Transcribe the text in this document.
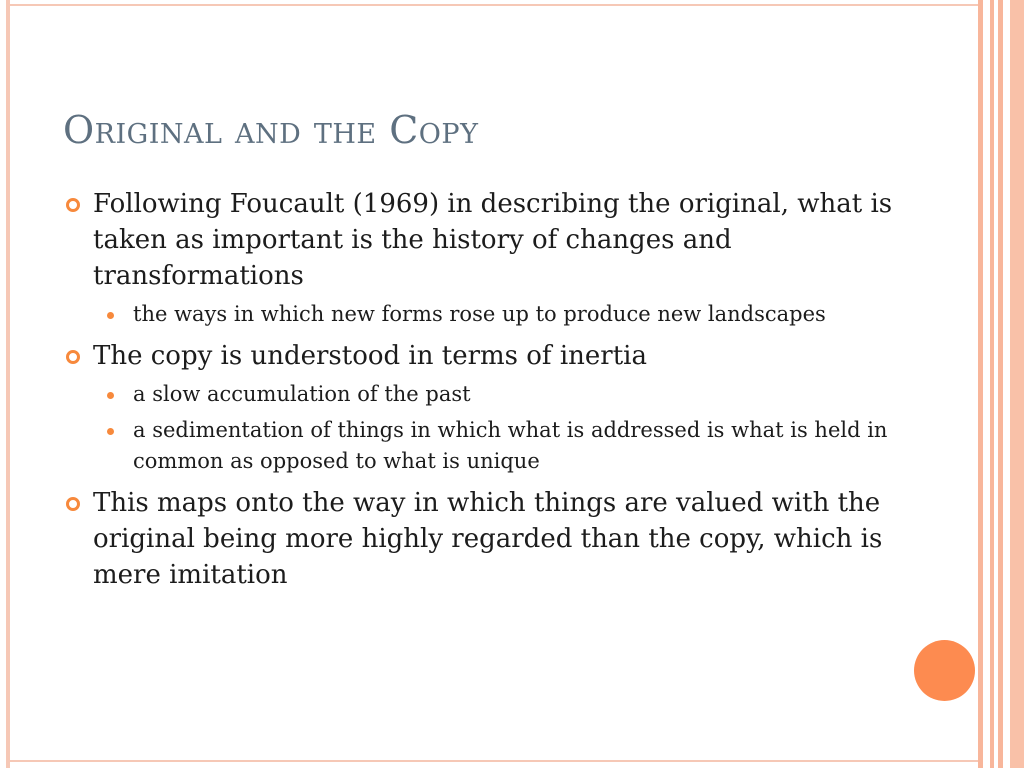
Original and the Copy
Following Foucault (1969) in describing the original, what is taken as important is the history of changes and transformations
the ways in which new forms rose up to produce new landscapes
The copy is understood in terms of inertia
a slow accumulation of the past
a sedimentation of things in which what is addressed is what is held in common as opposed to what is unique
This maps onto the way in which things are valued with the original being more highly regarded than the copy, which is mere imitation
